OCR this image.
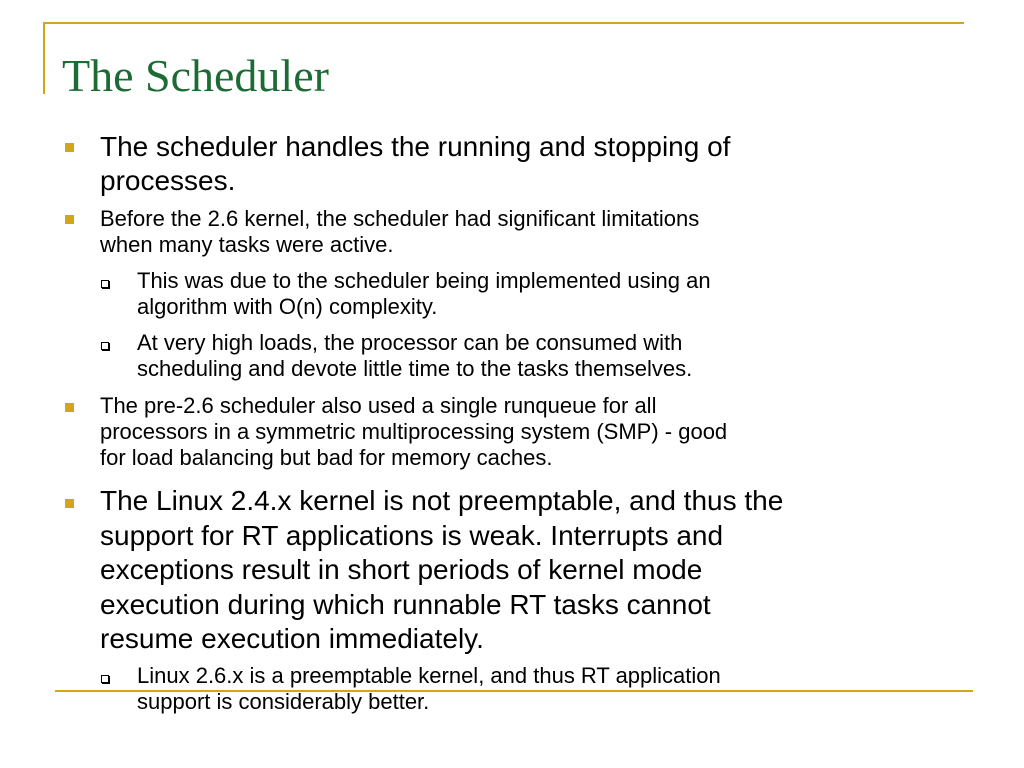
The Scheduler

The scheduler handles the running and stopping of

processes.

Before the 2.6 kernel, the scheduler had significant limitations

when many tasks were active.

This was due to the scheduler being implemented using an

algorithm with O(n) complexity.

At very high loads, the processor can be consumed with

scheduling and devote little time to the tasks themselves.

The pre-2.6 scheduler also used a single runqueue for all

processors in a symmetric multiprocessing system (SMP) - good

for load balancing but bad for memory caches.

The Linux 2.4.x kernel is not preemptable, and thus the

support for RT applications is weak. Interrupts and

exceptions result in short periods of kernel mode

execution during which runnable RT tasks cannot

resume execution immediately.

Linux 2.6.x is a preemptable kernel, and thus RT application

support is considerably better.
